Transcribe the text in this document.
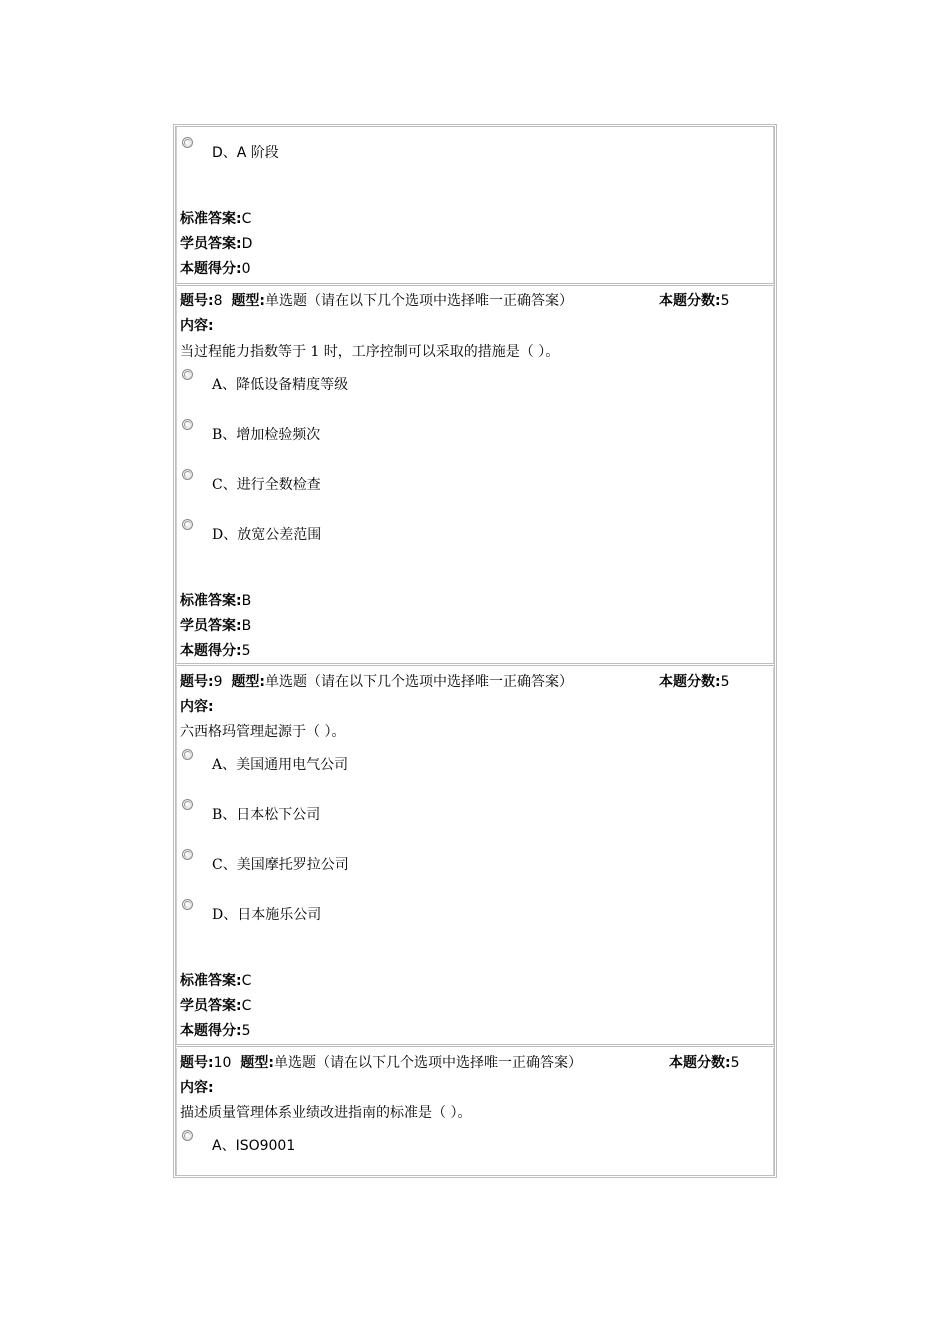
D、A 阶段
标准答案:C
学员答案:D
本题得分:0
题号:8 题型:单选题（请在以下几个选项中选择唯一正确答案）	本题分数:5
内容:
当过程能力指数等于 1 时，工序控制可以采取的措施是（ ）。
A、降低设备精度等级
B、增加检验频次
C、进行全数检查
D、放宽公差范围
标准答案:B
学员答案:B
本题得分:5
题号:9 题型:单选题（请在以下几个选项中选择唯一正确答案）	本题分数:5
内容:
六西格玛管理起源于（ ）。
A、美国通用电气公司
B、日本松下公司
C、美国摩托罗拉公司
D、日本施乐公司
标准答案:C
学员答案:C
本题得分:5
题号:10 题型:单选题（请在以下几个选项中选择唯一正确答案）	本题分数:5
内容:
描述质量管理体系业绩改进指南的标准是（ ）。
A、ISO9001
